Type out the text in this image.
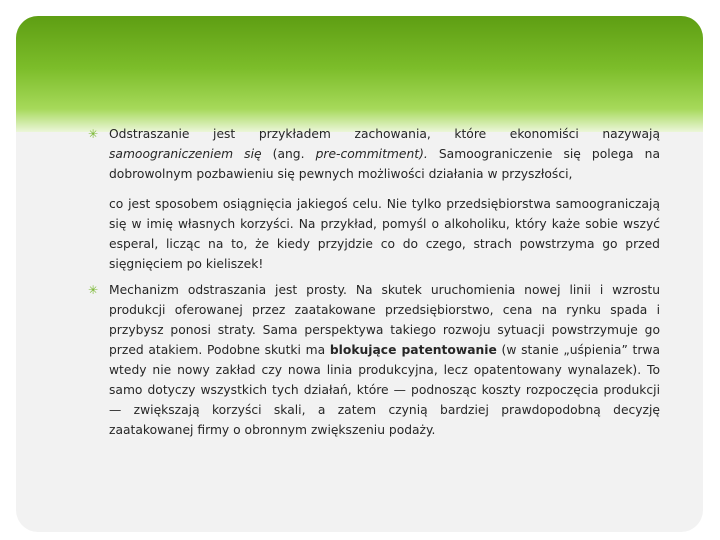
✳ Odstraszanie jest przykładem zachowania, które ekonomiści nazywają samoograniczeniem się (ang. pre-commitment). Samoograniczenie się polega na dobrowolnym pozbawieniu się pewnych możliwości działania w przyszłości,

co jest sposobem osiągnięcia jakiegoś celu. Nie tylko przedsiębiorstwa samoograniczają się w imię własnych korzyści. Na przykład, pomyśl o alkoholiku, który każe sobie wszyć esperal, licząc na to, że kiedy przyjdzie co do czego, strach powstrzyma go przed sięgnięciem po kieliszek!

✳ Mechanizm odstraszania jest prosty. Na skutek uruchomienia nowej linii i wzrostu produkcji oferowanej przez zaatakowane przedsiębiorstwo, cena na rynku spada i przybysz ponosi straty. Sama perspektywa takiego rozwoju sytuacji powstrzymuje go przed atakiem. Podobne skutki ma blokujące patentowanie (w stanie „uśpienia” trwa wtedy nie nowy zakład czy nowa linia produkcyjna, lecz opatentowany wynalazek). To samo dotyczy wszystkich tych działań, które — podnosząc koszty rozpoczęcia produkcji — zwiększają korzyści skali, a zatem czynią bardziej prawdopodobną decyzję zaatakowanej firmy o obronnym zwiększeniu podaży.
